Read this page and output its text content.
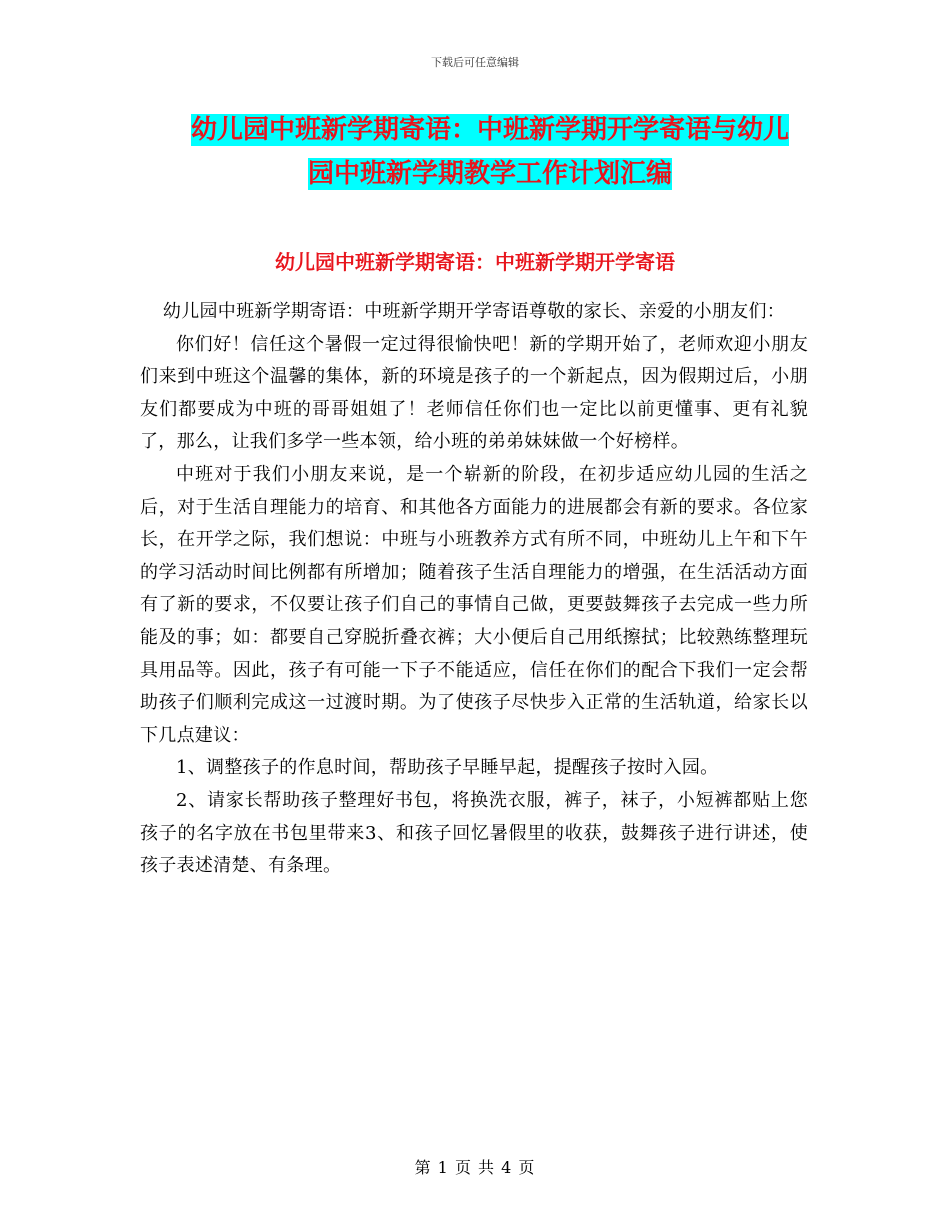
下载后可任意编辑
幼儿园中班新学期寄语：中班新学期开学寄语与幼儿
园中班新学期教学工作计划汇编
幼儿园中班新学期寄语：中班新学期开学寄语

幼儿园中班新学期寄语：中班新学期开学寄语尊敬的家长、亲爱的小朋友们：

你们好！信任这个暑假一定过得很愉快吧！新的学期开始了，老师欢迎小朋友们来到中班这个温馨的集体，新的环境是孩子的一个新起点，因为假期过后，小朋友们都要成为中班的哥哥姐姐了！老师信任你们也一定比以前更懂事、更有礼貌了，那么，让我们多学一些本领，给小班的弟弟妹妹做一个好榜样。

中班对于我们小朋友来说，是一个崭新的阶段，在初步适应幼儿园的生活之后，对于生活自理能力的培育、和其他各方面能力的进展都会有新的要求。各位家长，在开学之际，我们想说：中班与小班教养方式有所不同，中班幼儿上午和下午的学习活动时间比例都有所增加；随着孩子生活自理能力的增强，在生活活动方面有了新的要求，不仅要让孩子们自己的事情自己做，更要鼓舞孩子去完成一些力所能及的事；如：都要自己穿脱折叠衣裤；大小便后自己用纸擦拭；比较熟练整理玩具用品等。因此，孩子有可能一下子不能适应，信任在你们的配合下我们一定会帮助孩子们顺利完成这一过渡时期。为了使孩子尽快步入正常的生活轨道，给家长以下几点建议：

1、调整孩子的作息时间，帮助孩子早睡早起，提醒孩子按时入园。

2、请家长帮助孩子整理好书包，将换洗衣服，裤子，袜子，小短裤都贴上您孩子的名字放在书包里带来3、和孩子回忆暑假里的收获，鼓舞孩子进行讲述，使孩子表述清楚、有条理。

第 1 页 共 4 页
